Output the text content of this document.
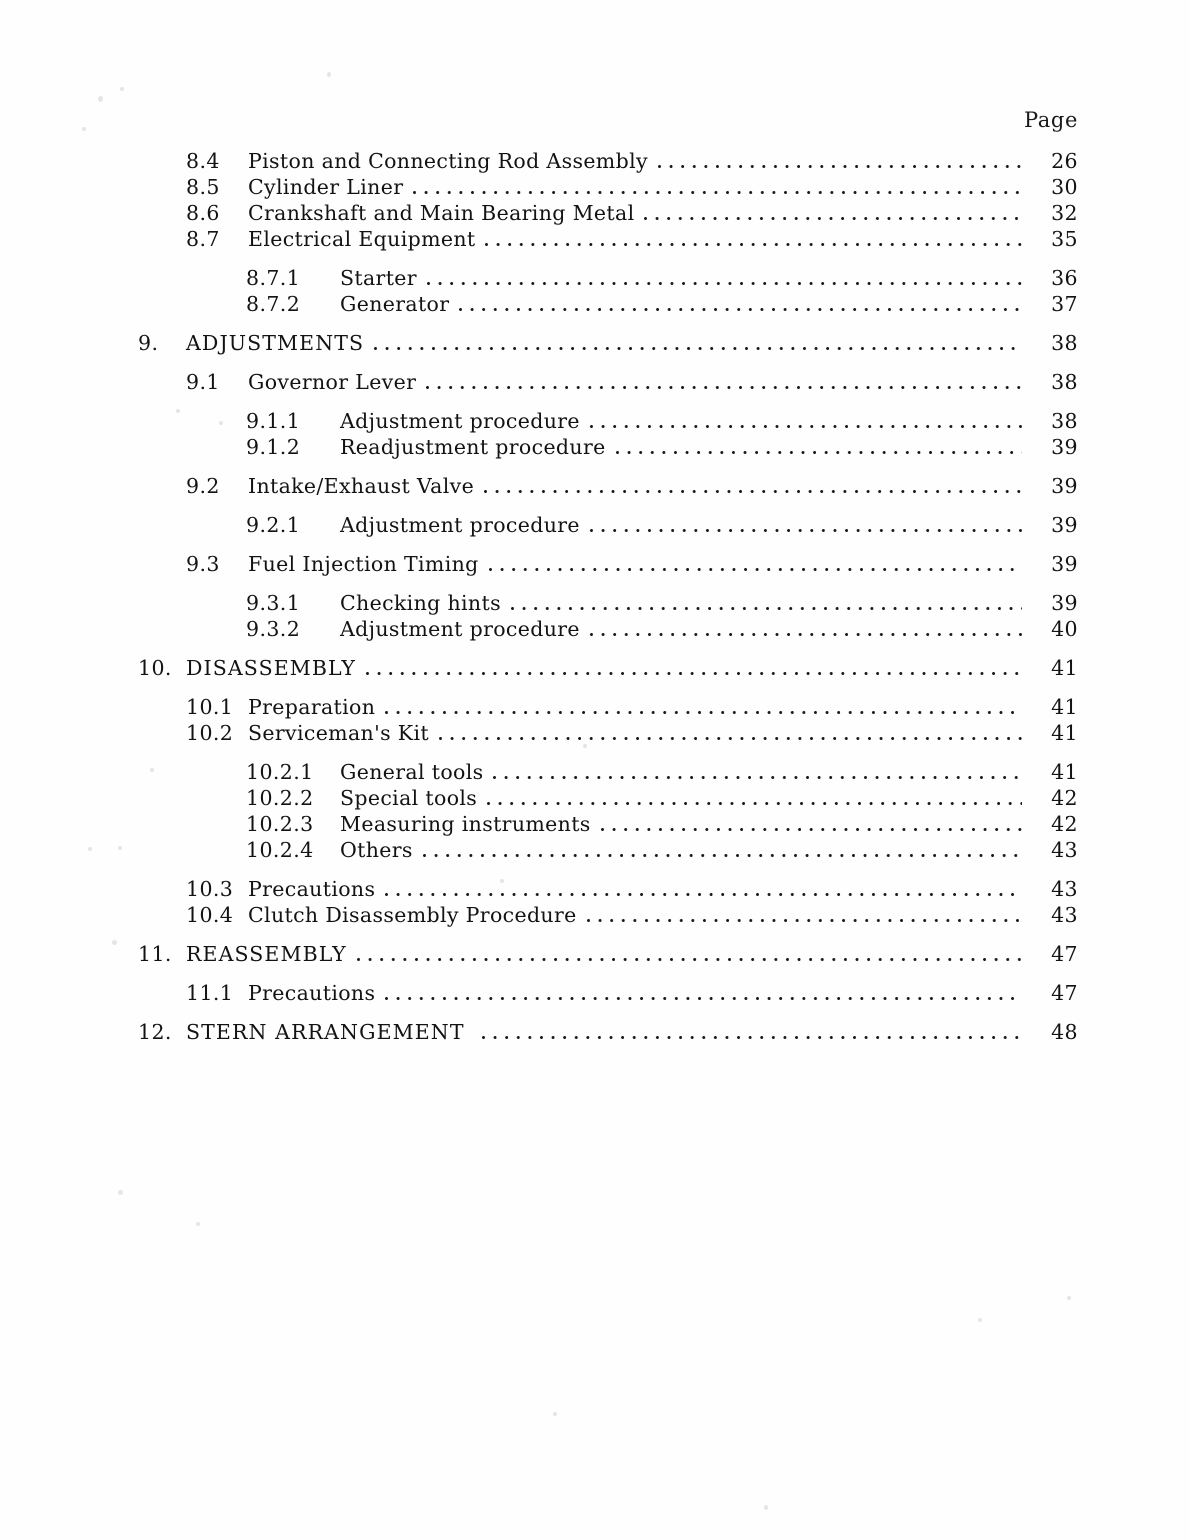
Page
8.4 Piston and Connecting Rod Assembly	26
8.5 Cylinder Liner	30
8.6 Crankshaft and Main Bearing Metal	32
8.7 Electrical Equipment	35
8.7.1 Starter	36
8.7.2 Generator	37
9. ADJUSTMENTS	38
9.1 Governor Lever	38
9.1.1 Adjustment procedure	38
9.1.2 Readjustment procedure	39
9.2 Intake/Exhaust Valve	39
9.2.1 Adjustment procedure	39
9.3 Fuel Injection Timing	39
9.3.1 Checking hints	39
9.3.2 Adjustment procedure	40
10. DISASSEMBLY	41
10.1 Preparation	41
10.2 Serviceman's Kit	41
10.2.1 General tools	41
10.2.2 Special tools	42
10.2.3 Measuring instruments	42
10.2.4 Others	43
10.3 Precautions	43
10.4 Clutch Disassembly Procedure	43
11. REASSEMBLY	47
11.1 Precautions	47
12. STERN ARRANGEMENT	48
